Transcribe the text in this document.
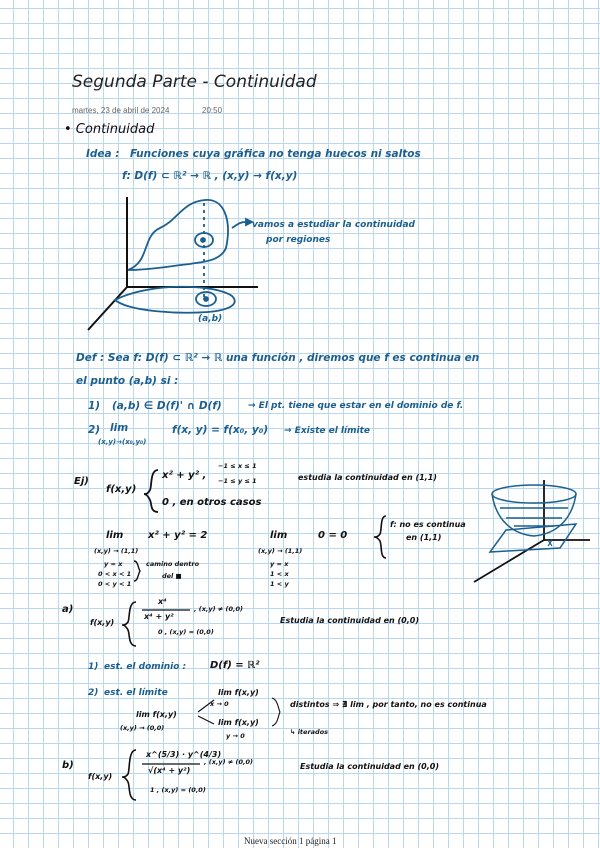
Segunda Parte - Continuidad
martes, 23 de abril de 2024	20:50
• Continuidad
Idea : Funciones cuya gráfica no tenga huecos ni saltos
f: D(f) ⊂ ℝ² → ℝ , (x,y) → f(x,y)
vamos a estudiar la continuidad
por regiones
(a,b)
Def : Sea f: D(f) ⊂ ℝ² → ℝ una función , diremos que f es continua en
el punto (a,b) si :
1) (a,b) ∈ D(f)' ∩ D(f)	→ El pt. tiene que estar en el dominio de f.
2) lim
(x,y)→(x₀,y₀)
f(x, y) = f(x₀, y₀) → Existe el límite
Ej)
f(x,y)
x² + y² ,
−1 ≤ x ≤ 1
−1 ≤ y ≤ 1
0 , en otros casos
estudia la continuidad en (1,1)
lim x² + y² = 2
(x,y) → (1,1)
y = x
0 < x < 1
0 < y < 1
camino dentro
del ■
lim	0 = 0
(x,y) → (1,1)
y = x
1 < x
1 < y
f: no es continua
en (1,1)
a)
f(x,y)
x⁴
x⁴ + y²
, (x,y) ≠ (0,0)
0 , (x,y) = (0,0)
Estudia la continuidad en (0,0)
1) est. el dominio : D(f) = ℝ²
2) est. el límite
lim f(x,y)
(x,y) → (0,0)
lim f(x,y)
x → 0
lim f(x,y)
y → 0
distintos ⇒ ∄ lim , por tanto, no es continua
↳ iterados
b)
f(x,y)
x^(5/3) · y^(4/3)
√(x⁴ + y²)
, (x,y) ≠ (0,0)
1 , (x,y) = (0,0)
Estudia la continuidad en (0,0)
Nueva sección 1 página 1
